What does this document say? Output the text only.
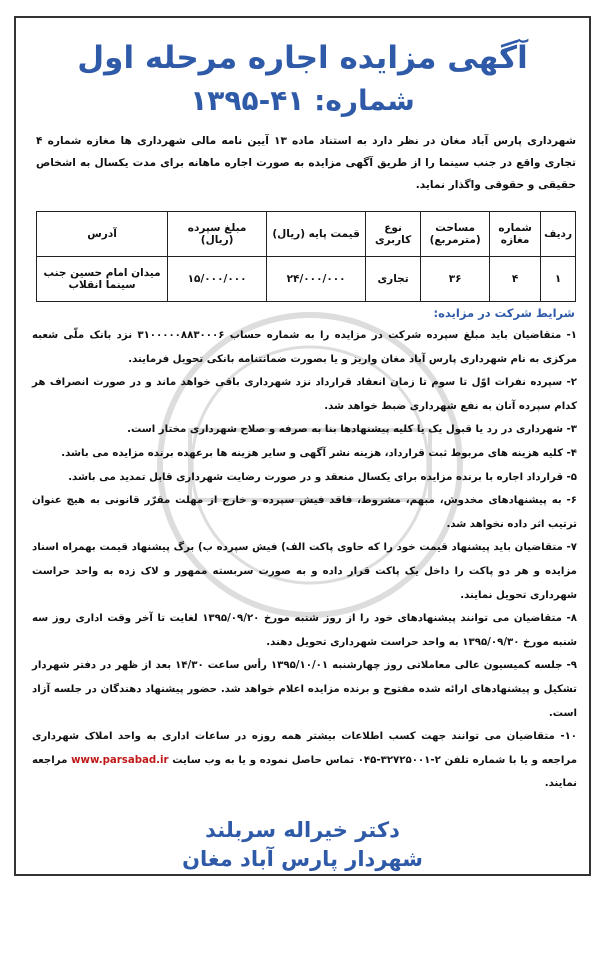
آگهی مزایده اجاره مرحله اول
شماره: ۴۱-۱۳۹۵
شهرداری پارس آباد مغان در نظر دارد به استناد ماده ۱۳ آیین نامه مالی شهرداری ها مغازه شماره ۴ تجاری واقع در جنب سینما را از طریق آگهی مزایده به صورت اجاره ماهانه برای مدت یکسال به اشخاص حقیقی و حقوقی واگذار نماید.
ردیف	شماره مغازه	مساحت (مترمربع)	نوع کاربری	قیمت پایه (ریال)	مبلغ سپرده (ریال)	آدرس
۱	۴	۳۶	تجاری	۲۴/۰۰۰/۰۰۰	۱۵/۰۰۰/۰۰۰	میدان امام حسین جنب سینما انقلاب
شرایط شرکت در مزایده:

۱- متقاضیان باید مبلغ سپرده شرکت در مزایده را به شماره حساب ۳۱۰۰۰۰۰۸۸۳۰۰۰۶ نزد بانک ملّی شعبه مرکزی به نام شهرداری پارس آباد مغان واریز و یا بصورت ضمانتنامه بانکی تحویل فرمایند.

۲- سپرده نفرات اوّل تا سوم تا زمان انعقاد قرارداد نزد شهرداری باقی خواهد ماند و در صورت انصراف هر کدام سپرده آنان به نفع شهرداری ضبط خواهد شد.

۳- شهرداری در رد یا قبول یک یا کلیه پیشنهادها بنا به صرفه و صلاح شهرداری مختار است.

۴- کلیه هزینه های مربوط ثبت قرارداد، هزینه نشر آگهی و سایر هزینه ها برعهده برنده مزایده می باشد.

۵- قرارداد اجاره با برنده مزایده برای یکسال منعقد و در صورت رضایت شهرداری قابل تمدید می باشد.

۶- به پیشنهادهای مخدوش، مبهم، مشروط، فاقد فیش سپرده و خارج از مهلت مقرّر قانونی به هیچ عنوان ترتیب اثر داده نخواهد شد.

۷- متقاضیان باید پیشنهاد قیمت خود را که حاوی پاکت الف) فیش سپرده ب) برگ پیشنهاد قیمت بهمراه اسناد مزایده و هر دو پاکت را داخل یک پاکت قرار داده و به صورت سربسته ممهور و لاک زده به واحد حراست شهرداری تحویل نمایند.

۸- متقاضیان می توانند پیشنهادهای خود را از روز شنبه مورخ ۱۳۹۵/۰۹/۲۰ لغایت تا آخر وقت اداری روز سه شنبه مورخ ۱۳۹۵/۰۹/۳۰ به واحد حراست شهرداری تحویل دهند.

۹- جلسه کمیسیون عالی معاملاتی روز چهارشنبه ۱۳۹۵/۱۰/۰۱ رأس ساعت ۱۴/۳۰ بعد از ظهر در دفتر شهردار تشکیل و پیشنهادهای ارائه شده مفتوح و برنده مزایده اعلام خواهد شد. حضور پیشنهاد دهندگان در جلسه آزاد است.

۱۰- متقاضیان می توانند جهت کسب اطلاعات بیشتر همه روزه در ساعات اداری به واحد املاک شهرداری مراجعه و یا با شماره تلفن ۲-۳۲۷۲۵۰۰۱-۰۴۵ تماس حاصل نموده و یا به وب سایت www.parsabad.ir مراجعه نمایند.

دکتر خیراله سربلند
شهردار پارس آباد مغان
